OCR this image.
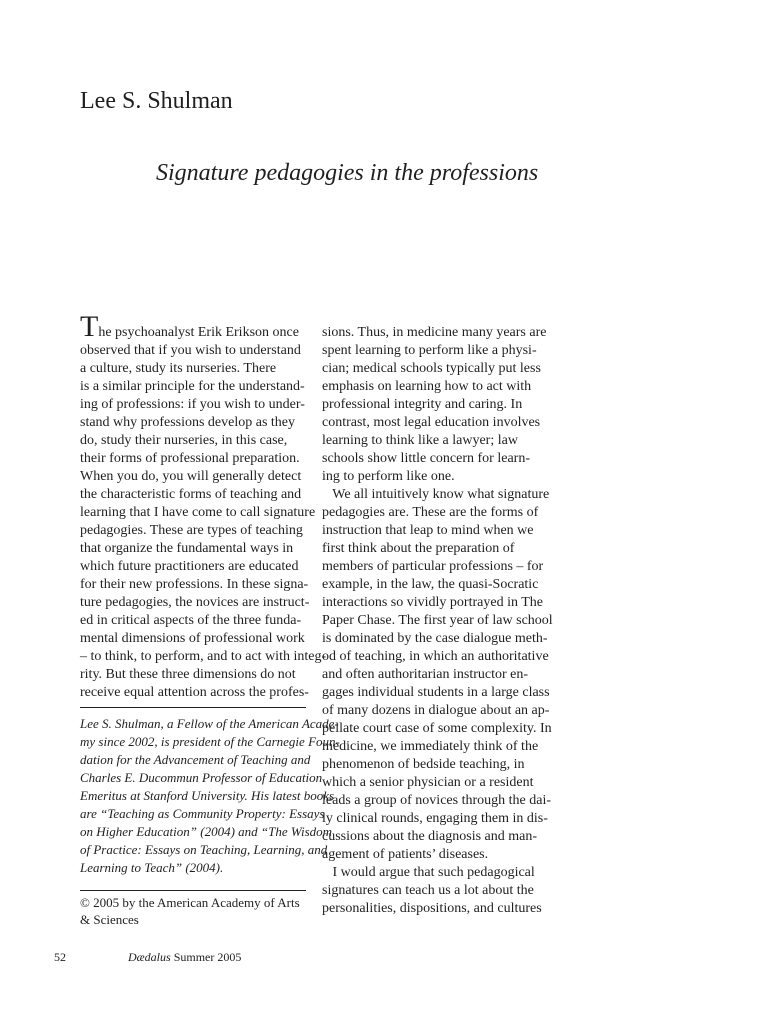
Lee S. Shulman
Signature pedagogies in the professions
The psychoanalyst Erik Erikson once
observed that if you wish to understand
a culture, study its nurseries. There
is a similar principle for the understand-
ing of professions: if you wish to under-
stand why professions develop as they
do, study their nurseries, in this case,
their forms of professional preparation.
When you do, you will generally detect
the characteristic forms of teaching and
learning that I have come to call signature
pedagogies. These are types of teaching
that organize the fundamental ways in
which future practitioners are educated
for their new professions. In these signa-
ture pedagogies, the novices are instruct-
ed in critical aspects of the three funda-
mental dimensions of professional work
– to think, to perform, and to act with integ-
rity. But these three dimensions do not
receive equal attention across the profes-
sions. Thus, in medicine many years are
spent learning to perform like a physi-
cian; medical schools typically put less
emphasis on learning how to act with
professional integrity and caring. In
contrast, most legal education involves
learning to think like a lawyer; law
schools show little concern for learn-
ing to perform like one.
We all intuitively know what signature
pedagogies are. These are the forms of
instruction that leap to mind when we
first think about the preparation of
members of particular professions – for
example, in the law, the quasi-Socratic
interactions so vividly portrayed in The
Paper Chase. The first year of law school
is dominated by the case dialogue meth-
od of teaching, in which an authoritative
and often authoritarian instructor en-
gages individual students in a large class
of many dozens in dialogue about an ap-
pellate court case of some complexity. In
medicine, we immediately think of the
phenomenon of bedside teaching, in
which a senior physician or a resident
leads a group of novices through the dai-
ly clinical rounds, engaging them in dis-
cussions about the diagnosis and man-
agement of patients’ diseases.
I would argue that such pedagogical
signatures can teach us a lot about the
personalities, dispositions, and cultures
Lee S. Shulman, a Fellow of the American Acade-
my since 2002, is president of the Carnegie Foun-
dation for the Advancement of Teaching and
Charles E. Ducommun Professor of Education
Emeritus at Stanford University. His latest books
are “Teaching as Community Property: Essays
on Higher Education” (2004) and “The Wisdom
of Practice: Essays on Teaching, Learning, and
Learning to Teach” (2004).
© 2005 by the American Academy of Arts
& Sciences
52	Dædalus Summer 2005
